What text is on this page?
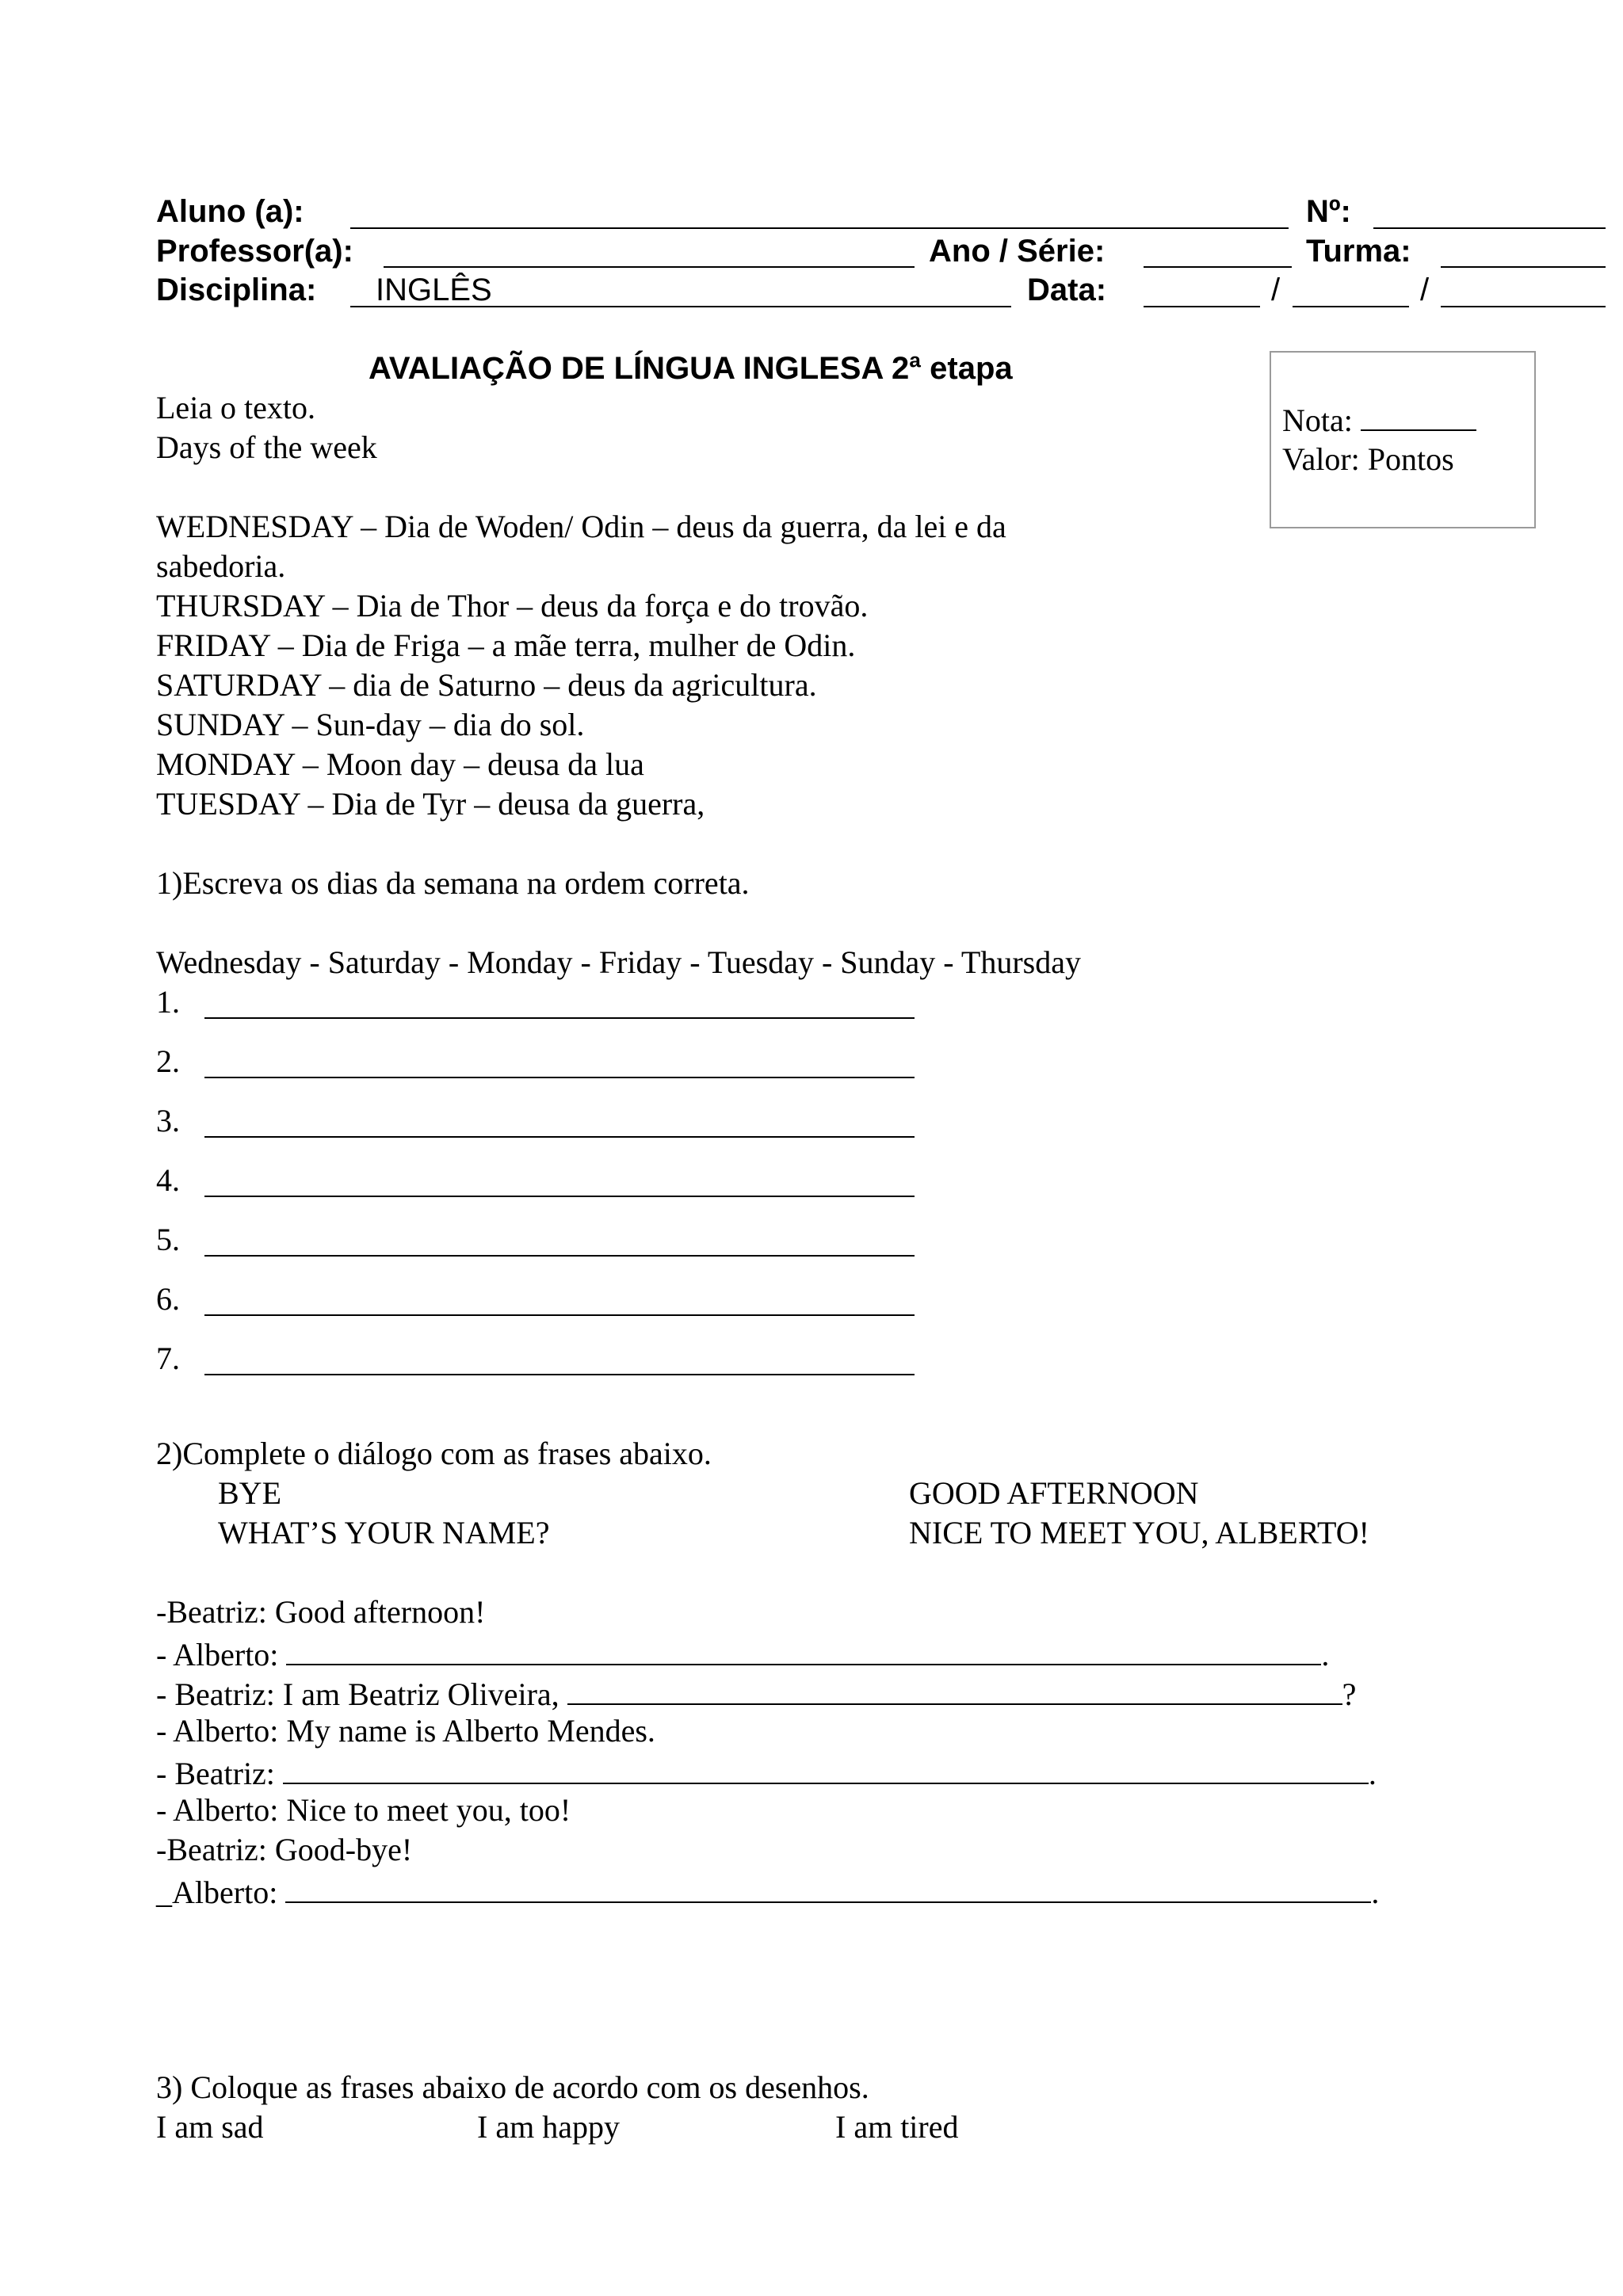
Aluno (a):	Nº:
Professor(a):	Ano / Série:	Turma:
Disciplina: INGLÊS	Data:	/	/
AVALIAÇÃO DE LÍNGUA INGLESA 2ª etapa
Nota:
Valor: Pontos
Leia o texto.
Days of the week
WEDNESDAY – Dia de Woden/ Odin – deus da guerra, da lei e da
sabedoria.
THURSDAY – Dia de Thor – deus da força e do trovão.
FRIDAY – Dia de Friga – a mãe terra, mulher de Odin.
SATURDAY – dia de Saturno – deus da agricultura.
SUNDAY – Sun-day – dia do sol.
MONDAY – Moon day – deusa da lua
TUESDAY – Dia de Tyr – deusa da guerra,
1)Escreva os dias da semana na ordem correta.
Wednesday - Saturday - Monday - Friday - Tuesday - Sunday - Thursday
1.
2.
3.
4.
5.
6.
7.
2)Complete o diálogo com as frases abaixo.
BYE	GOOD AFTERNOON
WHAT’S YOUR NAME?	NICE TO MEET YOU, ALBERTO!
-Beatriz: Good afternoon!
- Alberto:	.
- Beatriz: I am Beatriz Oliveira,	?
- Alberto: My name is Alberto Mendes.
- Beatriz:	.
- Alberto: Nice to meet you, too!
-Beatriz: Good-bye!
_Alberto:	.
3) Coloque as frases abaixo de acordo com os desenhos.
I am sad	I am happy	I am tired
